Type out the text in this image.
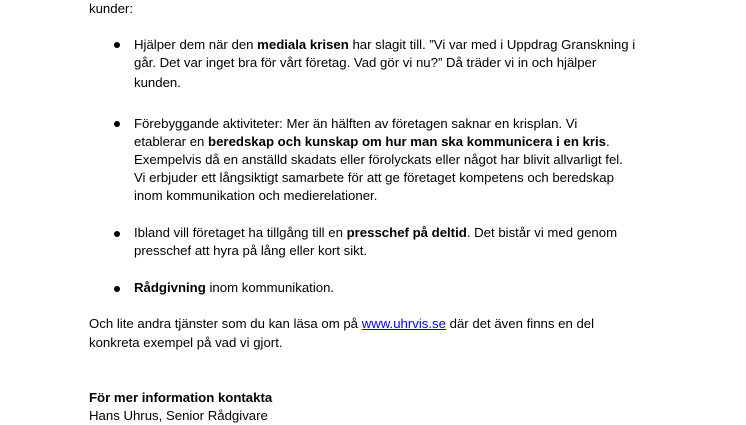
kunder:
Hjälper dem när den mediala krisen har slagit till. ”Vi var med i Uppdrag Granskning i
går. Det var inget bra för vårt företag. Vad gör vi nu?” Då träder vi in och hjälper
kunden.
Förebyggande aktiviteter: Mer än hälften av företagen saknar en krisplan. Vi
etablerar en beredskap och kunskap om hur man ska kommunicera i en kris.
Exempelvis då en anställd skadats eller förolyckats eller något har blivit allvarligt fel.
Vi erbjuder ett långsiktigt samarbete för att ge företaget kompetens och beredskap
inom kommunikation och medierelationer.
Ibland vill företaget ha tillgång till en presschef på deltid. Det bistår vi med genom
presschef att hyra på lång eller kort sikt.
Rådgivning inom kommunikation.
Och lite andra tjänster som du kan läsa om på www.uhrvis.se där det även finns en del
konkreta exempel på vad vi gjort.
För mer information kontakta
Hans Uhrus, Senior Rådgivare
